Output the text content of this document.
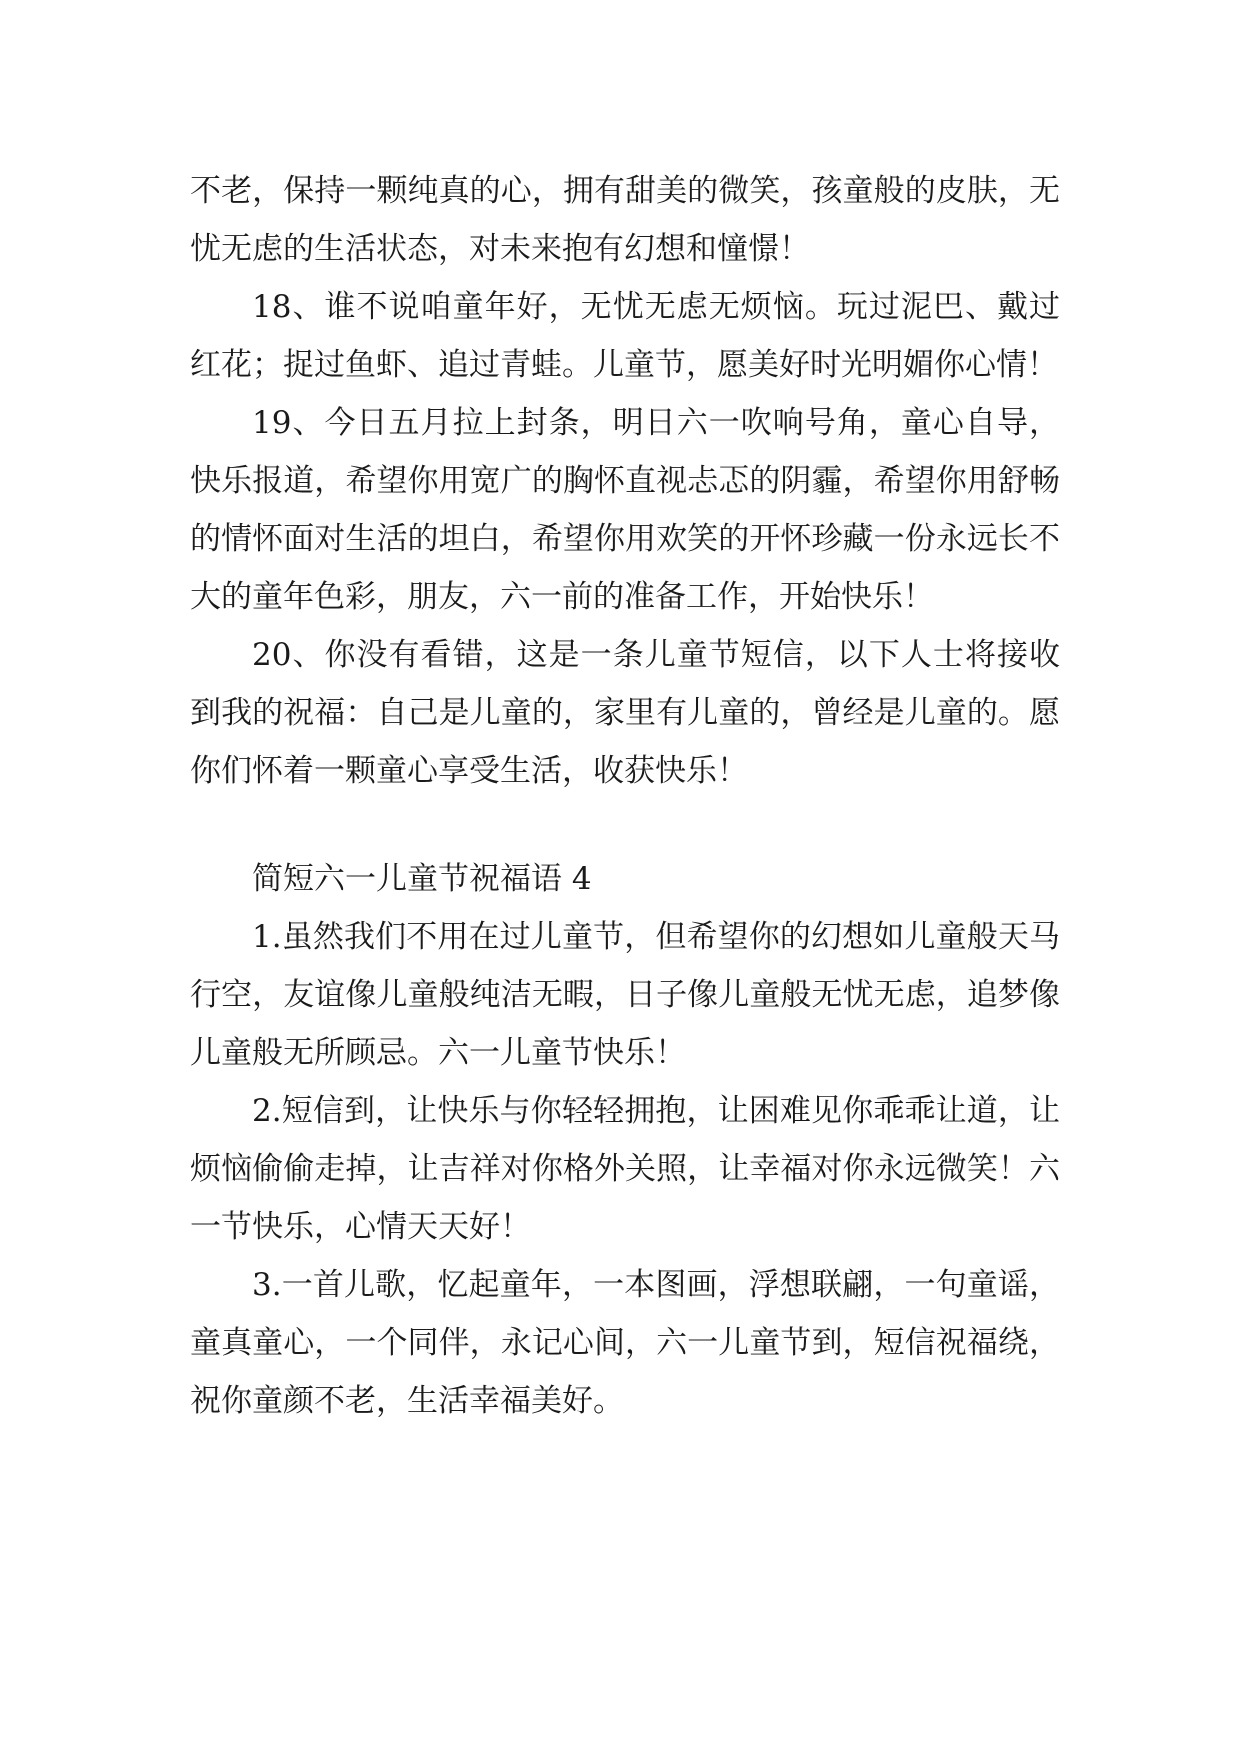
不老，保持一颗纯真的心，拥有甜美的微笑，孩童般的皮肤，无忧无虑的生活状态，对未来抱有幻想和憧憬！

18、谁不说咱童年好，无忧无虑无烦恼。玩过泥巴、戴过红花；捉过鱼虾、追过青蛙。儿童节，愿美好时光明媚你心情！

19、今日五月拉上封条，明日六一吹响号角，童心自导，快乐报道，希望你用宽广的胸怀直视忐忑的阴霾，希望你用舒畅的情怀面对生活的坦白，希望你用欢笑的开怀珍藏一份永远长不大的童年色彩，朋友，六一前的准备工作，开始快乐！

20、你没有看错，这是一条儿童节短信，以下人士将接收到我的祝福：自己是儿童的，家里有儿童的，曾经是儿童的。愿你们怀着一颗童心享受生活，收获快乐！

简短六一儿童节祝福语 4

1.虽然我们不用在过儿童节，但希望你的幻想如儿童般天马行空，友谊像儿童般纯洁无暇，日子像儿童般无忧无虑，追梦像儿童般无所顾忌。六一儿童节快乐！

2.短信到，让快乐与你轻轻拥抱，让困难见你乖乖让道，让烦恼偷偷走掉，让吉祥对你格外关照，让幸福对你永远微笑！六一节快乐，心情天天好！

3.一首儿歌，忆起童年，一本图画，浮想联翩，一句童谣，童真童心，一个同伴，永记心间，六一儿童节到，短信祝福绕，祝你童颜不老，生活幸福美好。
